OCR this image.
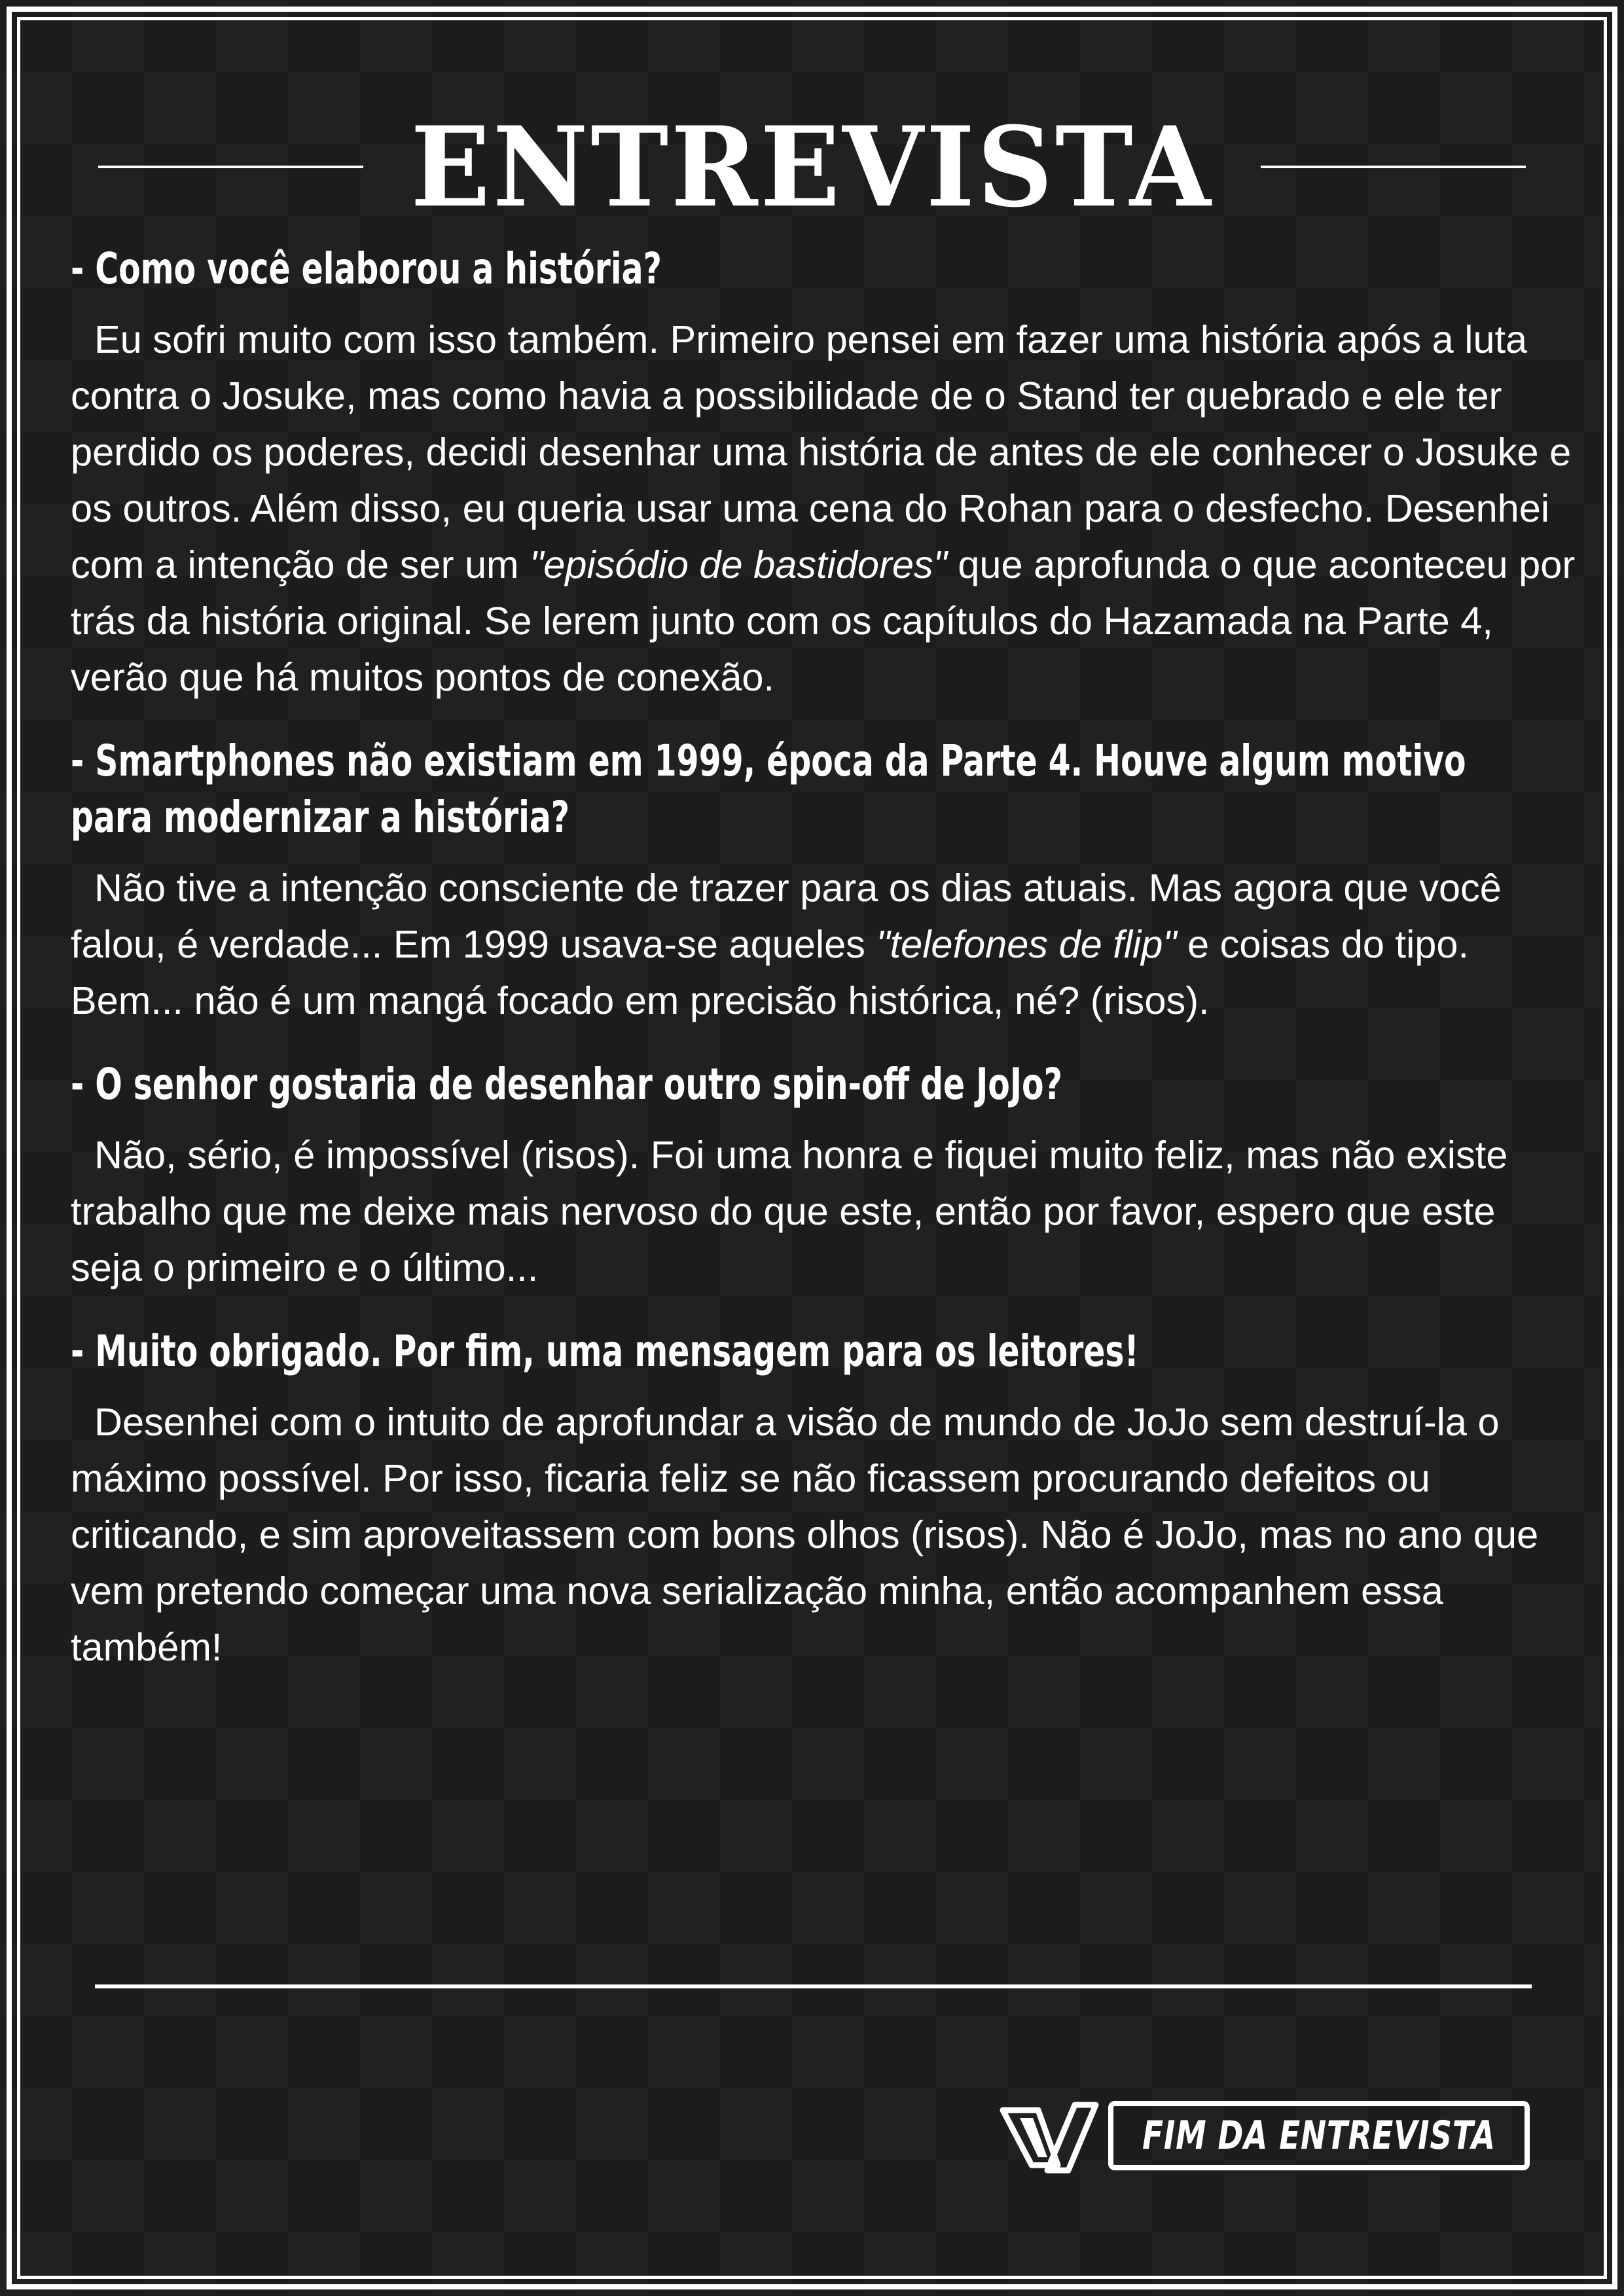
ENTREVISTA

- Como você elaborou a história?

Eu sofri muito com isso também. Primeiro pensei em fazer uma história após a luta contra o Josuke, mas como havia a possibilidade de o Stand ter quebrado e ele ter perdido os poderes, decidi desenhar uma história de antes de ele conhecer o Josuke e os outros. Além disso, eu queria usar uma cena do Rohan para o desfecho. Desenhei com a intenção de ser um "episódio de bastidores" que aprofunda o que aconteceu por trás da história original. Se lerem junto com os capítulos do Hazamada na Parte 4, verão que há muitos pontos de conexão.

- Smartphones não existiam em 1999, época da Parte 4. Houve algum motivo para modernizar a história?

Não tive a intenção consciente de trazer para os dias atuais. Mas agora que você falou, é verdade... Em 1999 usava-se aqueles "telefones de flip" e coisas do tipo. Bem... não é um mangá focado em precisão histórica, né? (risos).

- O senhor gostaria de desenhar outro spin-off de JoJo?

Não, sério, é impossível (risos). Foi uma honra e fiquei muito feliz, mas não existe trabalho que me deixe mais nervoso do que este, então por favor, espero que este seja o primeiro e o último...

- Muito obrigado. Por fim, uma mensagem para os leitores!

Desenhei com o intuito de aprofundar a visão de mundo de JoJo sem destruí-la o máximo possível. Por isso, ficaria feliz se não ficassem procurando defeitos ou criticando, e sim aproveitassem com bons olhos (risos). Não é JoJo, mas no ano que vem pretendo começar uma nova serialização minha, então acompanhem essa também!

FIM DA ENTREVISTA
